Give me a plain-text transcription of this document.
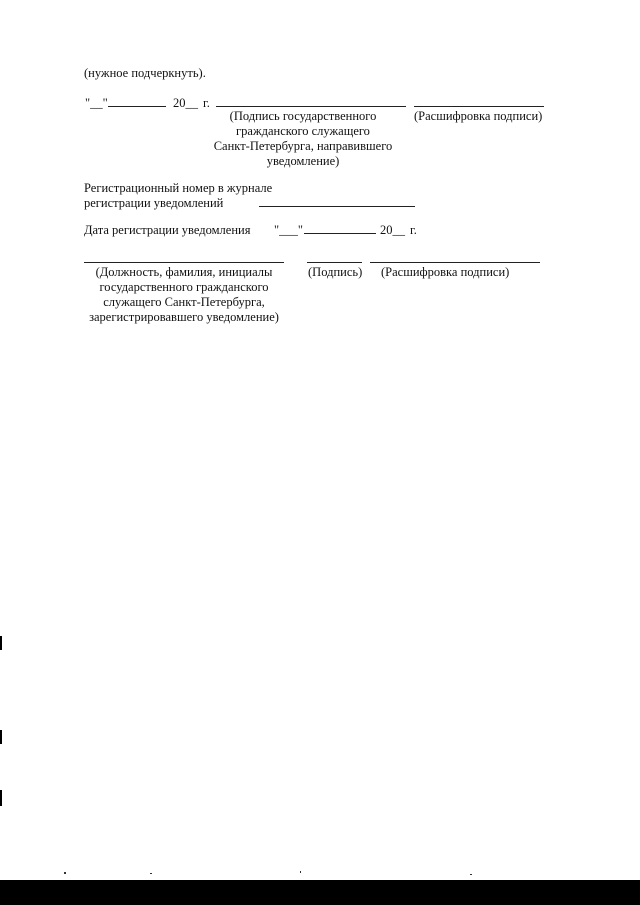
(нужное подчеркнуть).
"__"	20__ г.
(Подпись государственного
гражданского служащего
Санкт-Петербурга, направившего
уведомление)
(Расшифровка подписи)
Регистрационный номер в журнале
регистрации уведомлений
Дата регистрации уведомления "___"	20__ г.
(Должность, фамилия, инициалы
государственного гражданского
служащего Санкт-Петербурга,
зарегистрировавшего уведомление)
(Подпись) (Расшифровка подписи)
